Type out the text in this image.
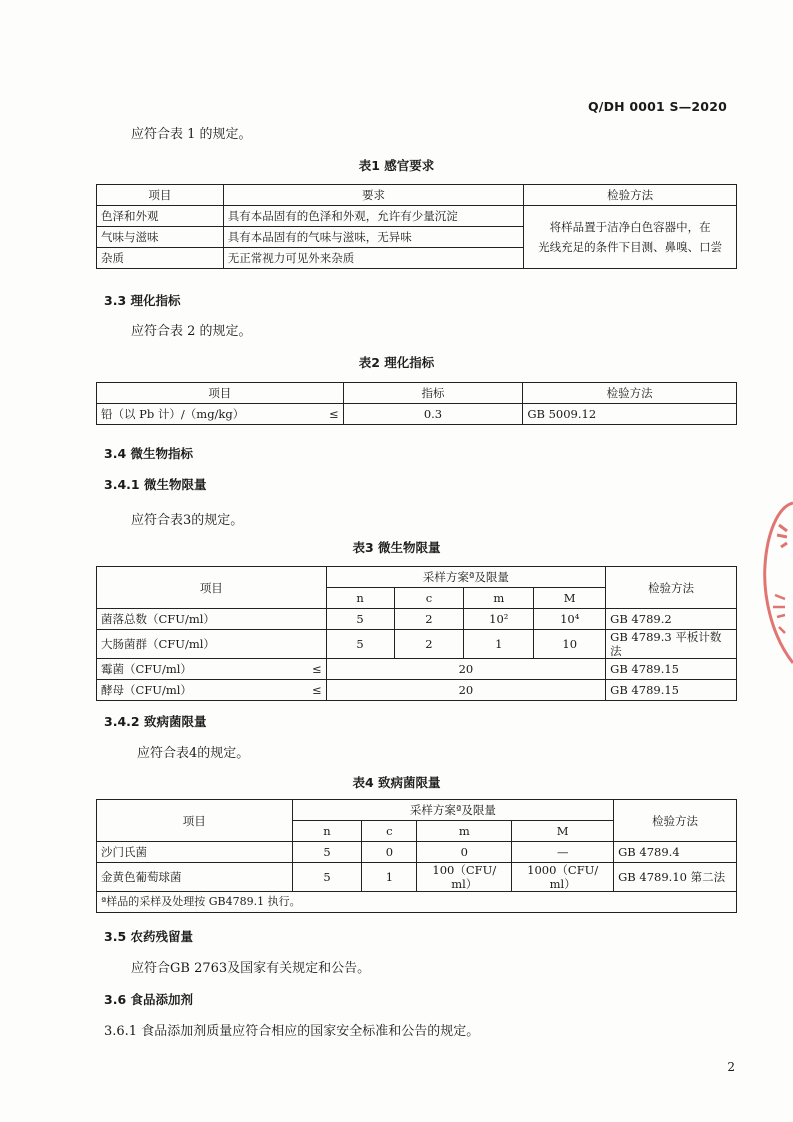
Q/DH 0001 S—2020
应符合表 1 的规定。
表1 感官要求
项目	要求	检验方法
色泽和外观	具有本品固有的色泽和外观，允许有少量沉淀	将样品置于洁净白色容器中，在
光线充足的条件下目测、鼻嗅、口尝

气味与滋味	具有本品固有的气味与滋味，无异味	
杂质	无正常视力可见外来杂质	
3.3 理化指标
应符合表 2 的规定。
表2 理化指标
项目	指标	检验方法

铅（以 Pb 计）/（mg/kg） ≤	0.3	GB 5009.12
3.4 微生物指标
3.4.1 微生物限量
应符合表3的规定。
表3 微生物限量
项目	采样方案ª及限量				检验方法
	n	c	m	M	
菌落总数（CFU/ml）	5	2	10²	10⁴	GB 4789.2
大肠菌群（CFU/ml）	5	2	1	10	GB 4789.3 平板计数法

霉菌（CFU/ml） ≤	20				GB 4789.15

酵母（CFU/ml） ≤	20				GB 4789.15
3.4.2 致病菌限量
应符合表4的规定。
表4 致病菌限量
项目	采样方案ª及限量				检验方法
	n	c	m	M	
沙门氏菌	5	0	0	—	GB 4789.4
金黄色葡萄球菌	5	1	100（CFU/ ml）	1000（CFU/ ml）	GB 4789.10 第二法
ª样品的采样及处理按 GB4789.1 执行。					
3.5 农药残留量
应符合GB 2763及国家有关规定和公告。
3.6 食品添加剂
3.6.1 食品添加剂质量应符合相应的国家安全标准和公告的规定。
2
